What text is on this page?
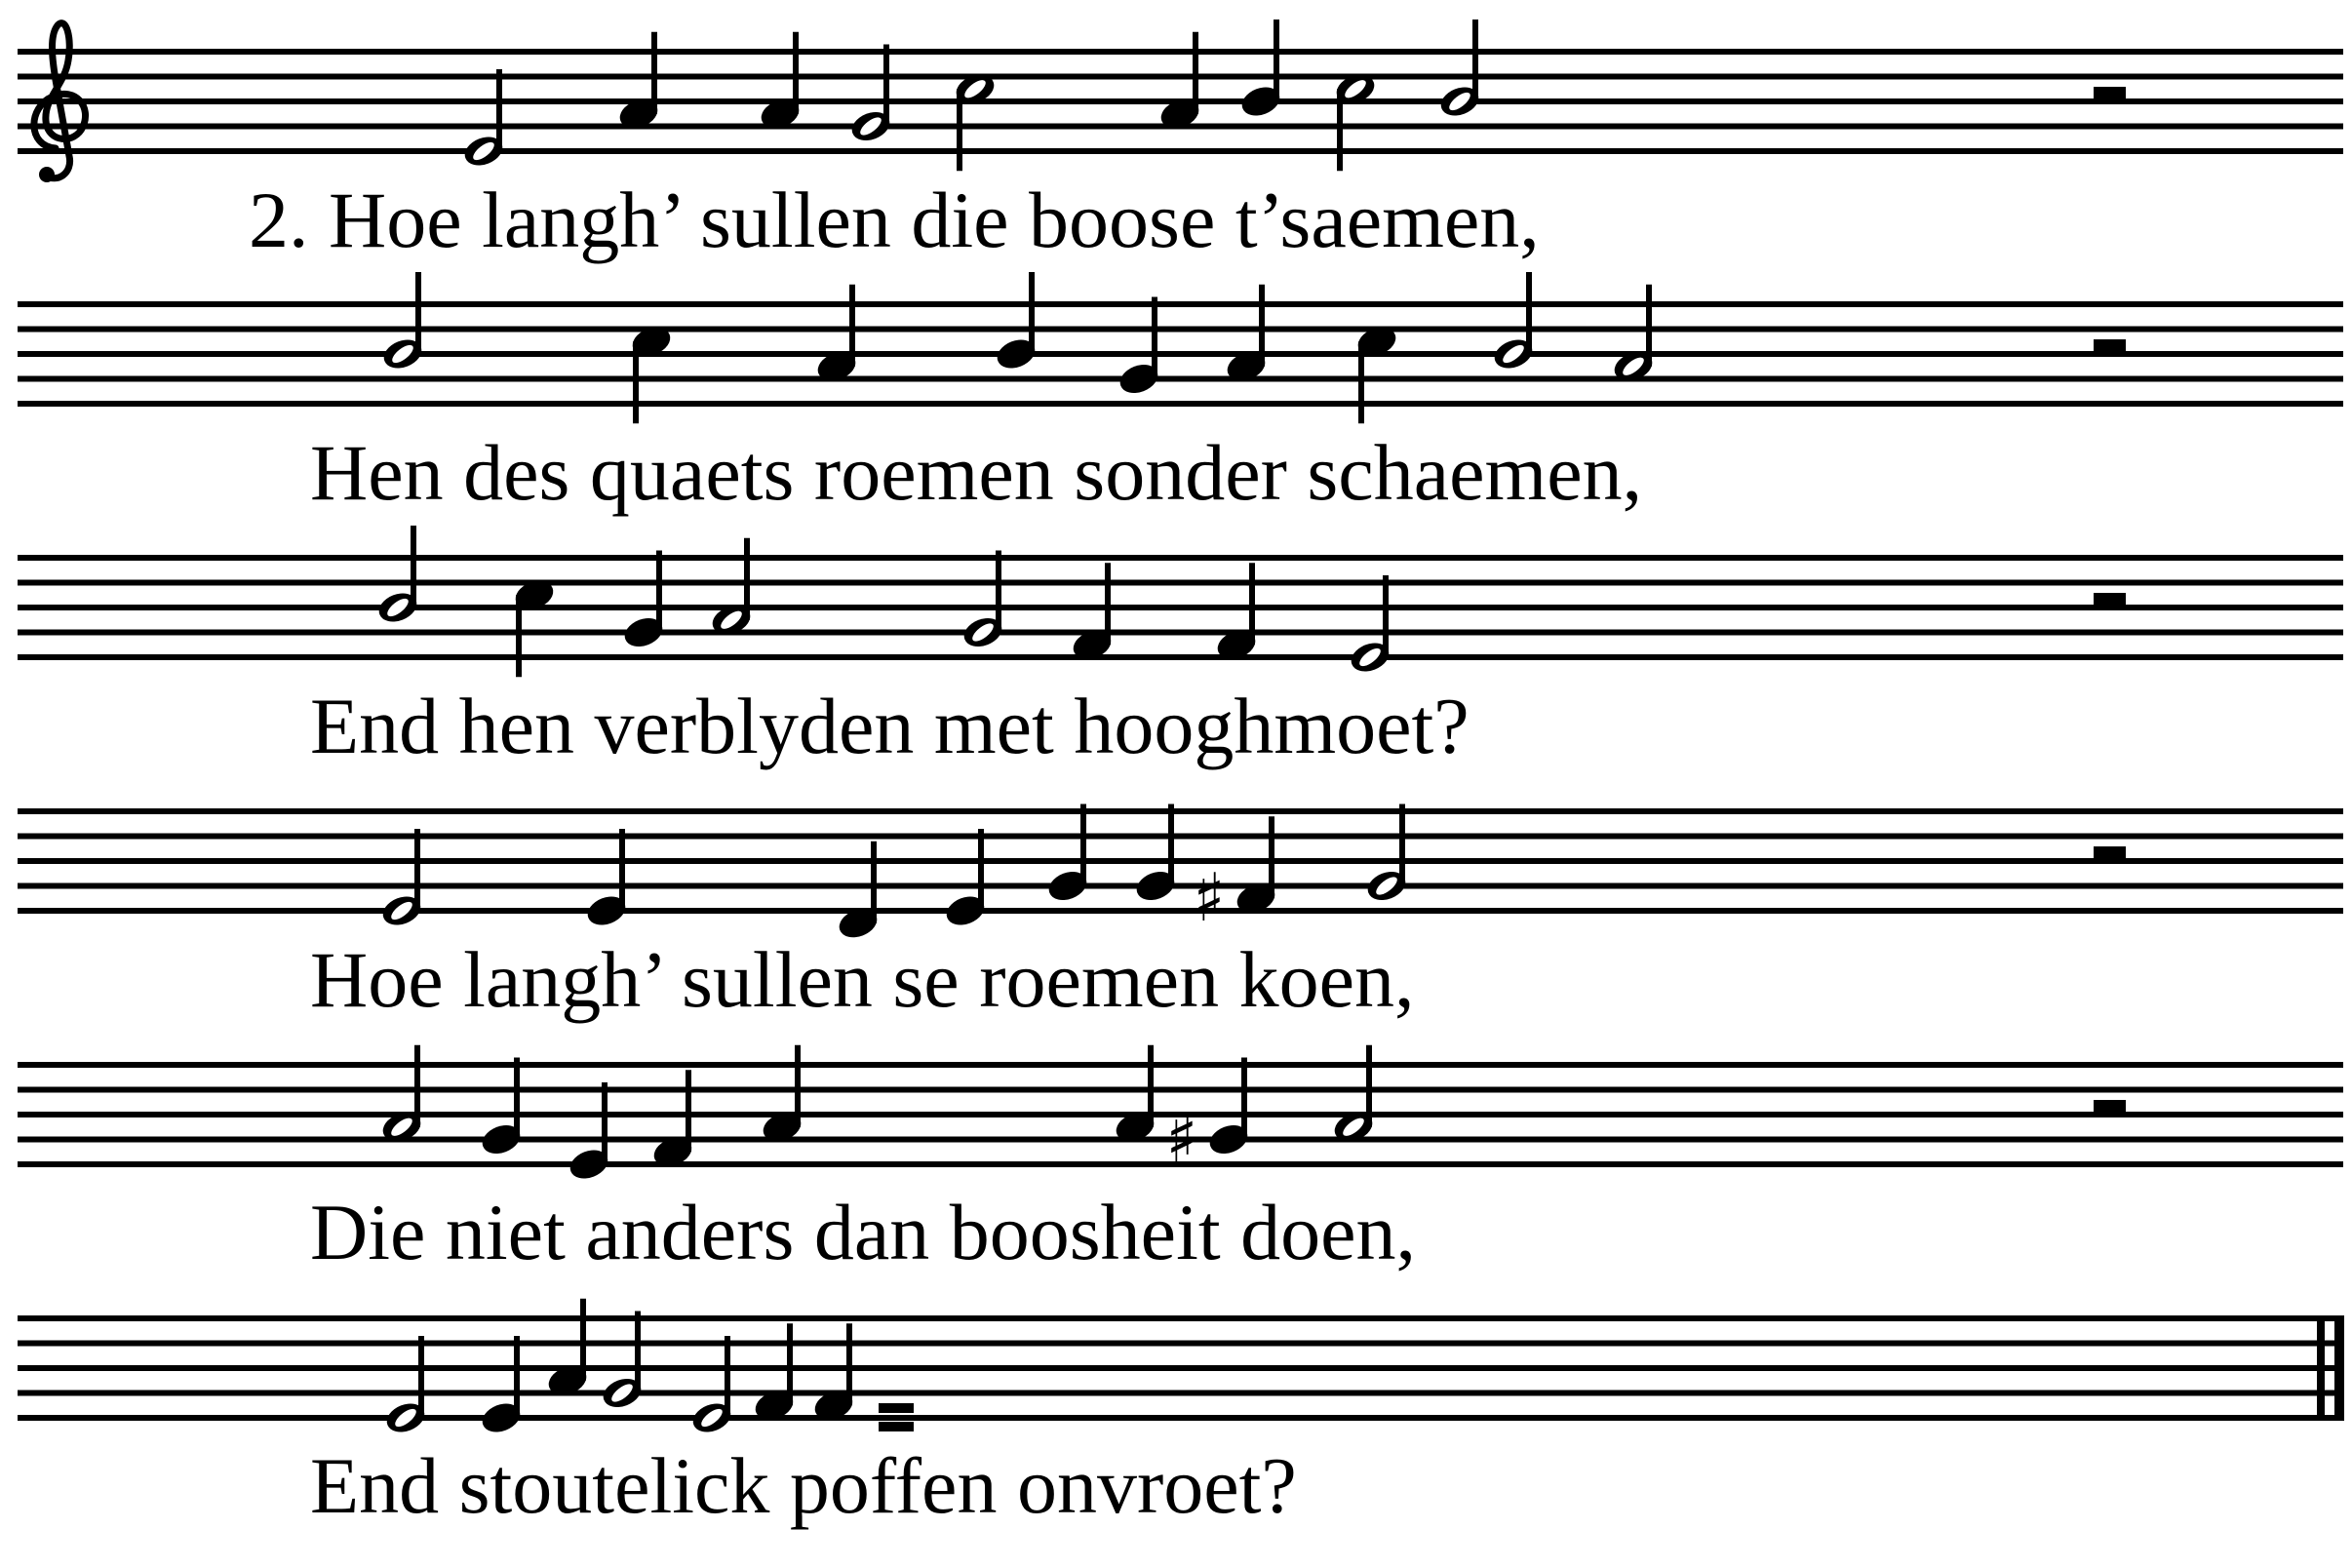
♯
♯
2. Hoe langh’ sullen die boose t’saemen,
Hen des quaets roemen sonder schaemen,
End hen verblyden met hooghmoet?
Hoe langh’ sullen se roemen koen,
Die niet anders dan boosheit doen,
End stoutelick poffen onvroet?
